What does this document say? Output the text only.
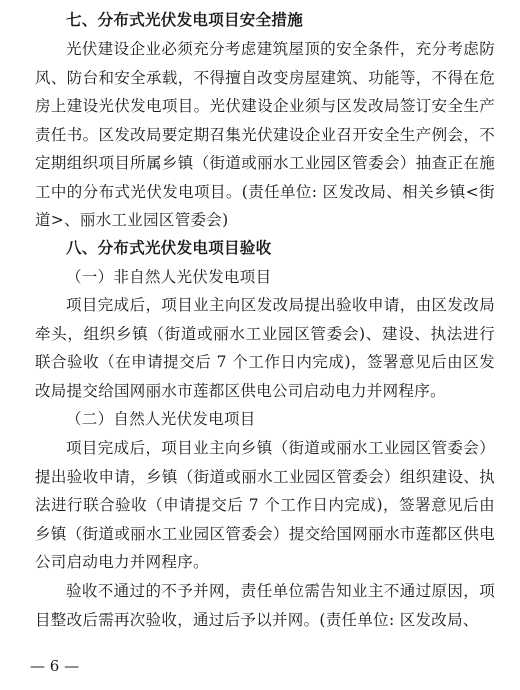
七、分布式光伏发电项目安全措施

光伏建设企业必须充分考虑建筑屋顶的安全条件，充分考虑防风、防台和安全承载，不得擅自改变房屋建筑、功能等，不得在危房上建设光伏发电项目。光伏建设企业须与区发改局签订安全生产责任书。区发改局要定期召集光伏建设企业召开安全生产例会，不定期组织项目所属乡镇（街道或丽水工业园区管委会）抽查正在施工中的分布式光伏发电项目。(责任单位: 区发改局、相关乡镇<街道>、丽水工业园区管委会)

八、分布式光伏发电项目验收

（一）非自然人光伏发电项目

项目完成后，项目业主向区发改局提出验收申请，由区发改局牵头，组织乡镇（街道或丽水工业园区管委会)、建设、执法进行联合验收（在申请提交后 7 个工作日内完成)，签署意见后由区发改局提交给国网丽水市莲都区供电公司启动电力并网程序。

（二）自然人光伏发电项目

项目完成后，项目业主向乡镇（街道或丽水工业园区管委会）提出验收申请，乡镇（街道或丽水工业园区管委会）组织建设、执法进行联合验收（申请提交后 7 个工作日内完成)，签署意见后由乡镇（街道或丽水工业园区管委会）提交给国网丽水市莲都区供电公司启动电力并网程序。

验收不通过的不予并网，责任单位需告知业主不通过原因，项目整改后需再次验收，通过后予以并网。(责任单位: 区发改局、

— 6 —
